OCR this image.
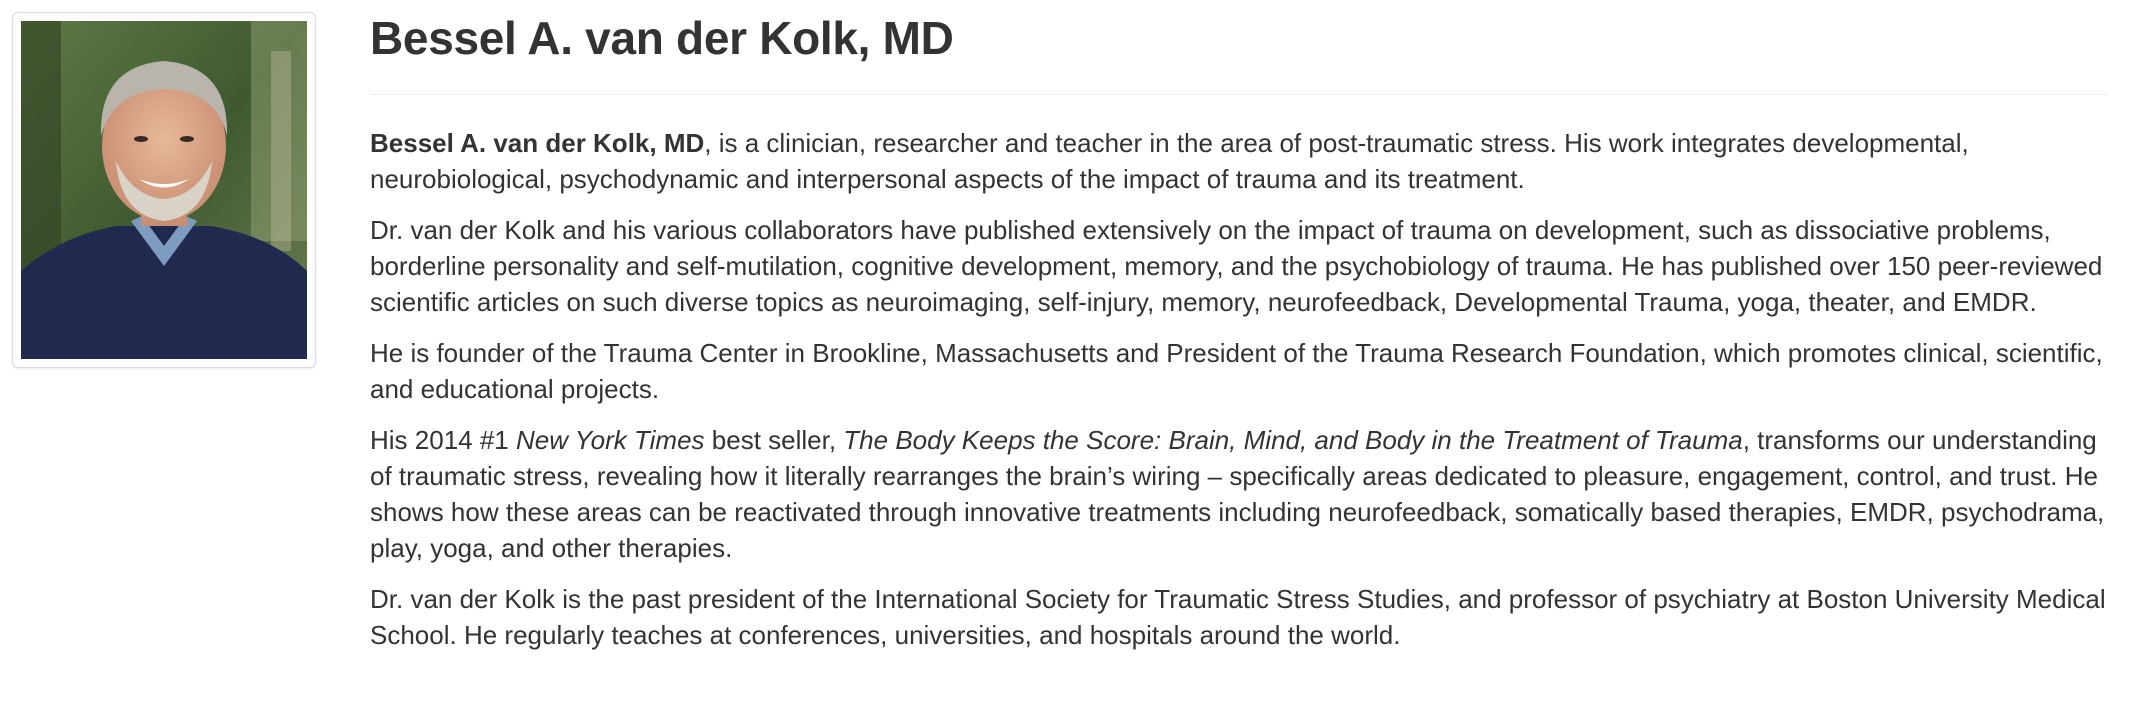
Bessel A. van der Kolk, MD

Bessel A. van der Kolk, MD, is a clinician, researcher and teacher in the area of post-traumatic stress. His work integrates developmental, neurobiological, psychodynamic and interpersonal aspects of the impact of trauma and its treatment.

Dr. van der Kolk and his various collaborators have published extensively on the impact of trauma on development, such as dissociative problems, borderline personality and self-mutilation, cognitive development, memory, and the psychobiology of trauma. He has published over 150 peer-reviewed scientific articles on such diverse topics as neuroimaging, self-injury, memory, neurofeedback, Developmental Trauma, yoga, theater, and EMDR.

He is founder of the Trauma Center in Brookline, Massachusetts and President of the Trauma Research Foundation, which promotes clinical, scientific, and educational projects.

His 2014 #1 New York Times best seller, The Body Keeps the Score: Brain, Mind, and Body in the Treatment of Trauma, transforms our understanding of traumatic stress, revealing how it literally rearranges the brain’s wiring – specifically areas dedicated to pleasure, engagement, control, and trust. He shows how these areas can be reactivated through innovative treatments including neurofeedback, somatically based therapies, EMDR, psychodrama, play, yoga, and other therapies.

Dr. van der Kolk is the past president of the International Society for Traumatic Stress Studies, and professor of psychiatry at Boston University Medical School. He regularly teaches at conferences, universities, and hospitals around the world.
